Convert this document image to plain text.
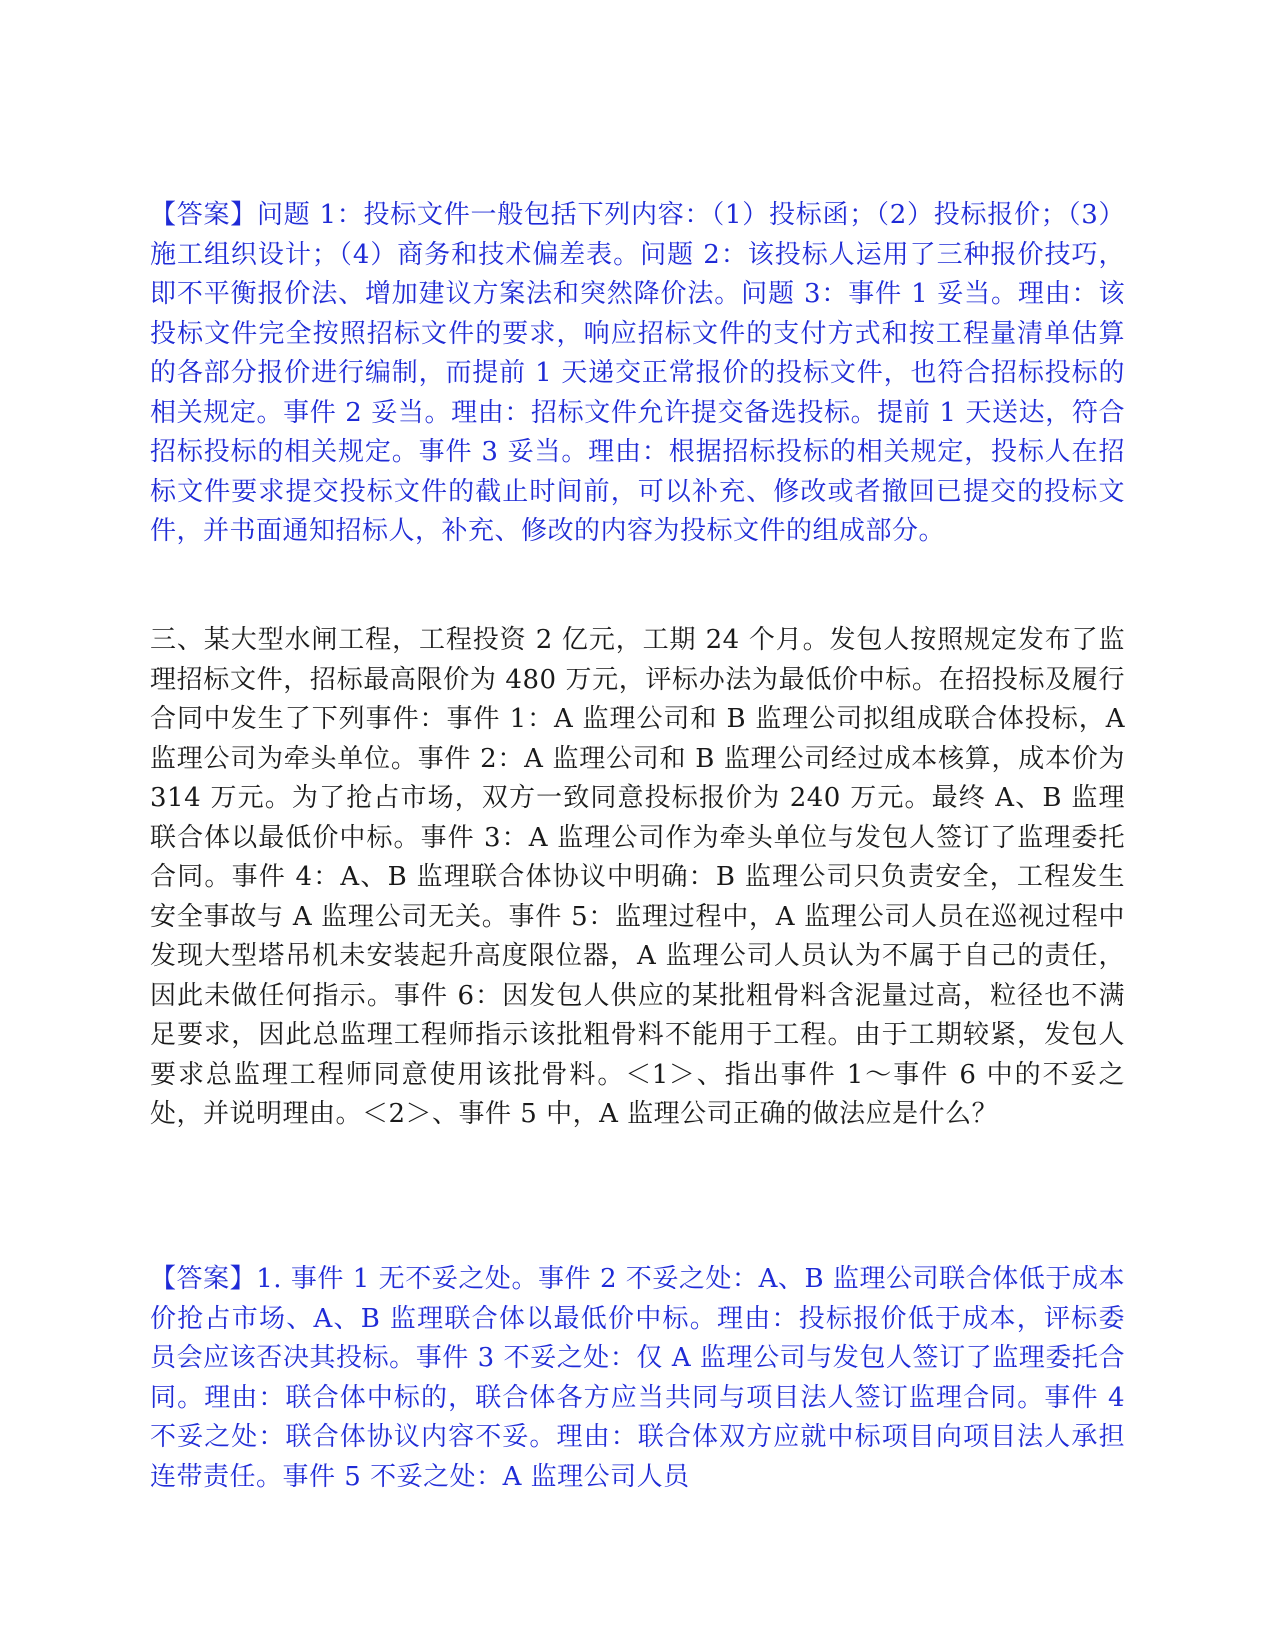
【答案】问题 1：投标文件一般包括下列内容：（1）投标函；（2）投标报价；（3）施工组织设计；（4）商务和技术偏差表。问题 2：该投标人运用了三种报价技巧，即不平衡报价法、增加建议方案法和突然降价法。问题 3：事件 1 妥当。理由：该投标文件完全按照招标文件的要求，响应招标文件的支付方式和按工程量清单估算的各部分报价进行编制，而提前 1 天递交正常报价的投标文件，也符合招标投标的相关规定。事件 2 妥当。理由：招标文件允许提交备选投标。提前 1 天送达，符合招标投标的相关规定。事件 3 妥当。理由：根据招标投标的相关规定，投标人在招标文件要求提交投标文件的截止时间前，可以补充、修改或者撤回已提交的投标文件，并书面通知招标人，补充、修改的内容为投标文件的组成部分。

三、某大型水闸工程，工程投资 2 亿元，工期 24 个月。发包人按照规定发布了监理招标文件，招标最高限价为 480 万元，评标办法为最低价中标。在招投标及履行合同中发生了下列事件：事件 1：A 监理公司和 B 监理公司拟组成联合体投标，A 监理公司为牵头单位。事件 2：A 监理公司和 B 监理公司经过成本核算，成本价为 314 万元。为了抢占市场，双方一致同意投标报价为 240 万元。最终 A、B 监理联合体以最低价中标。事件 3：A 监理公司作为牵头单位与发包人签订了监理委托合同。事件 4：A、B 监理联合体协议中明确：B 监理公司只负责安全，工程发生安全事故与 A 监理公司无关。事件 5：监理过程中，A 监理公司人员在巡视过程中发现大型塔吊机未安装起升高度限位器，A 监理公司人员认为不属于自己的责任，因此未做任何指示。事件 6：因发包人供应的某批粗骨料含泥量过高，粒径也不满足要求，因此总监理工程师指示该批粗骨料不能用于工程。由于工期较紧，发包人要求总监理工程师同意使用该批骨料。＜1＞、指出事件 1～事件 6 中的不妥之处，并说明理由。＜2＞、事件 5 中，A 监理公司正确的做法应是什么？

【答案】1. 事件 1 无不妥之处。事件 2 不妥之处：A、B 监理公司联合体低于成本价抢占市场、A、B 监理联合体以最低价中标。理由：投标报价低于成本，评标委员会应该否决其投标。事件 3 不妥之处：仅 A 监理公司与发包人签订了监理委托合同。理由：联合体中标的，联合体各方应当共同与项目法人签订监理合同。事件 4 不妥之处：联合体协议内容不妥。理由：联合体双方应就中标项目向项目法人承担连带责任。事件 5 不妥之处：A 监理公司人员
